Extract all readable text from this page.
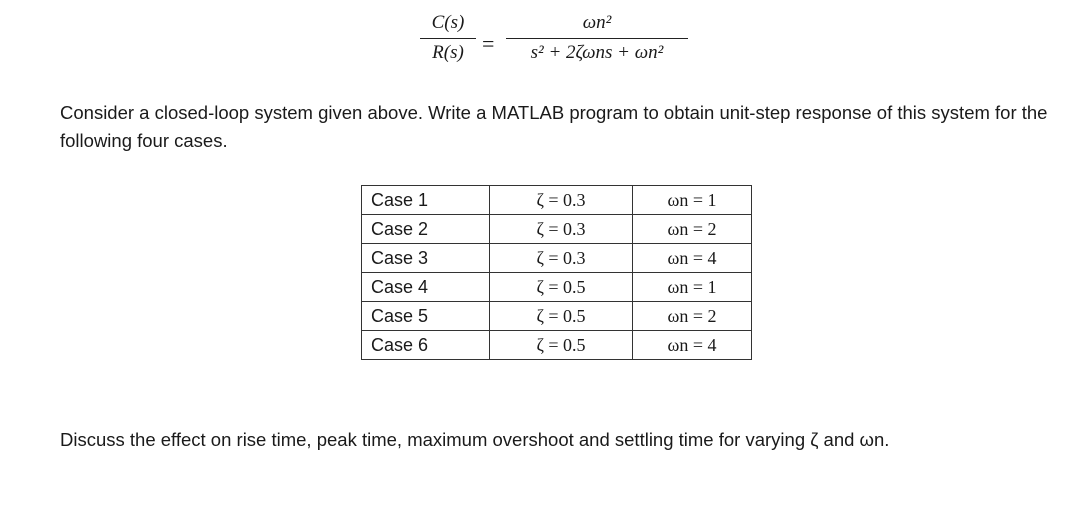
C(s)
R(s) =
ωn²
s² + 2ζωns + ωn²
Consider a closed-loop system given above. Write a MATLAB program to obtain unit-step response of this system for the following four cases.
Case 1	ζ = 0.3	ωn = 1
Case 2	ζ = 0.3	ωn = 2
Case 3	ζ = 0.3	ωn = 4
Case 4	ζ = 0.5	ωn = 1
Case 5	ζ = 0.5	ωn = 2
Case 6	ζ = 0.5	ωn = 4
Discuss the effect on rise time, peak time, maximum overshoot and settling time for varying ζ and ωn.
